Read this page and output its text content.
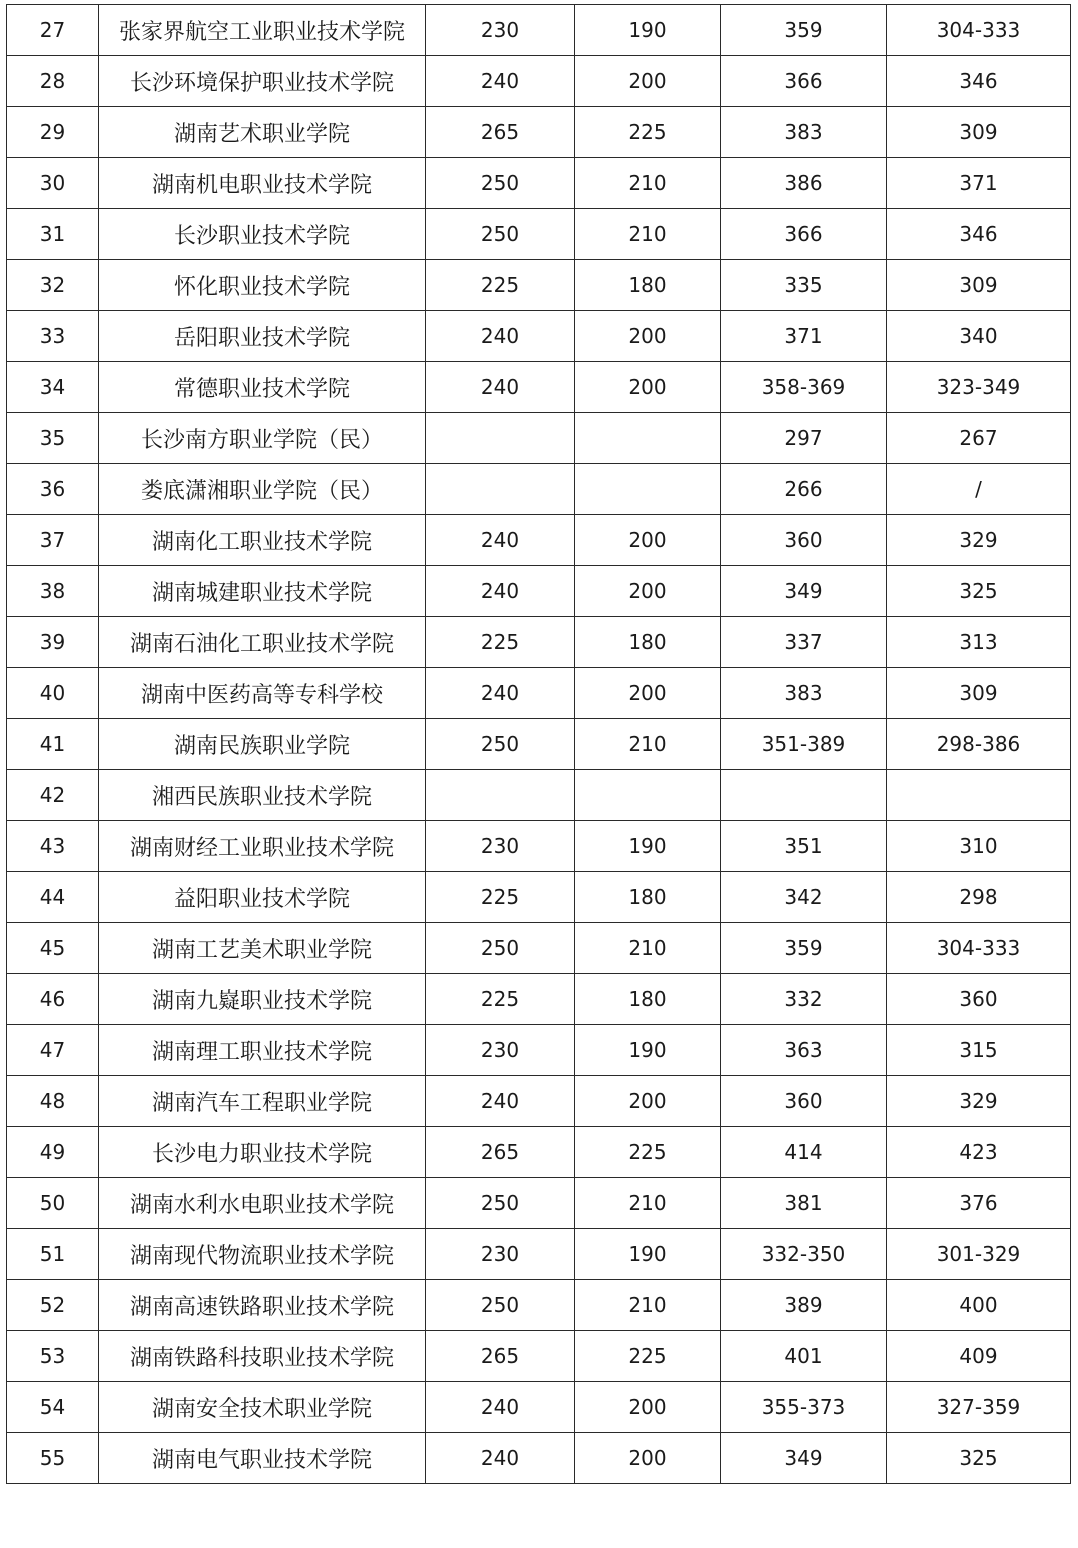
27	张家界航空工业职业技术学院	230	190	359	304-333
28	长沙环境保护职业技术学院	240	200	366	346
29	湖南艺术职业学院	265	225	383	309
30	湖南机电职业技术学院	250	210	386	371
31	长沙职业技术学院	250	210	366	346
32	怀化职业技术学院	225	180	335	309
33	岳阳职业技术学院	240	200	371	340
34	常德职业技术学院	240	200	358-369	323-349
35	长沙南方职业学院（民）			297	267
36	娄底潇湘职业学院（民）			266	/
37	湖南化工职业技术学院	240	200	360	329
38	湖南城建职业技术学院	240	200	349	325
39	湖南石油化工职业技术学院	225	180	337	313
40	湖南中医药高等专科学校	240	200	383	309
41	湖南民族职业学院	250	210	351-389	298-386
42	湘西民族职业技术学院				
43	湖南财经工业职业技术学院	230	190	351	310
44	益阳职业技术学院	225	180	342	298
45	湖南工艺美术职业学院	250	210	359	304-333
46	湖南九嶷职业技术学院	225	180	332	360
47	湖南理工职业技术学院	230	190	363	315
48	湖南汽车工程职业学院	240	200	360	329
49	长沙电力职业技术学院	265	225	414	423
50	湖南水利水电职业技术学院	250	210	381	376
51	湖南现代物流职业技术学院	230	190	332-350	301-329
52	湖南高速铁路职业技术学院	250	210	389	400
53	湖南铁路科技职业技术学院	265	225	401	409
54	湖南安全技术职业学院	240	200	355-373	327-359
55	湖南电气职业技术学院	240	200	349	325
